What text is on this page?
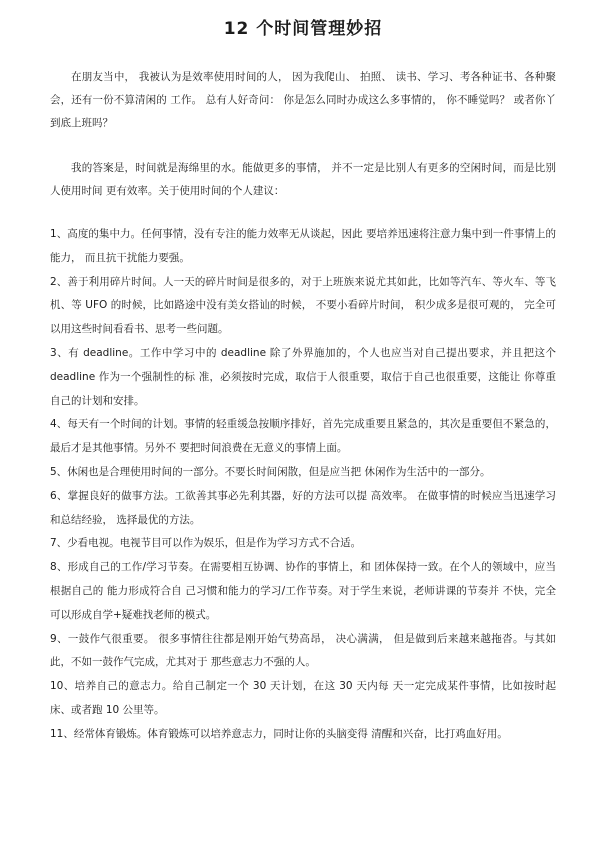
12 个时间管理妙招

在朋友当中， 我被认为是效率使用时间的人， 因为我爬山、 拍照、 读书、学习、考各种证书、各种聚会，还有一份不算清闲的 工作。 总有人好奇问： 你是怎么同时办成这么多事情的， 你不睡觉吗？ 或者你丫到底上班吗？

我的答案是，时间就是海绵里的水。能做更多的事情， 并不一定是比别人有更多的空闲时间，而是比别人使用时间 更有效率。关于使用时间的个人建议：

1、高度的集中力。任何事情，没有专注的能力效率无从谈起，因此 要培养迅速将注意力集中到一件事情上的能力， 而且抗干扰能力要强。

2、善于利用碎片时间。人一天的碎片时间是很多的，对于上班族来说尤其如此，比如等汽车、等火车、等飞机、等 UFO 的时候，比如路途中没有美女搭讪的时候， 不要小看碎片时间， 积少成多是很可观的， 完全可以用这些时间看看书、思考一些问题。

3、有 deadline。工作中学习中的 deadline 除了外界施加的，个人也应当对自己提出要求，并且把这个 deadline 作为一个强制性的标 准，必须按时完成，取信于人很重要，取信于自己也很重要，这能让 你尊重自己的计划和安排。

4、每天有一个时间的计划。事情的轻重缓急按顺序排好，首先完成重要且紧急的，其次是重要但不紧急的，最后才是其他事情。另外不 要把时间浪费在无意义的事情上面。

5、休闲也是合理使用时间的一部分。不要长时间闲散，但是应当把 休闲作为生活中的一部分。

6、掌握良好的做事方法。工欲善其事必先利其器，好的方法可以提 高效率。 在做事情的时候应当迅速学习和总结经验， 选择最优的方法。

7、少看电视。电视节目可以作为娱乐，但是作为学习方式不合适。

8、形成自己的工作/学习节奏。在需要相互协调、协作的事情上，和 团体保持一致。在个人的领域中，应当根据自己的 能力形成符合自 己习惯和能力的学习/工作节奏。对于学生来说，老师讲课的节奏并 不快，完全可以形成自学+疑难找老师的模式。

9、一鼓作气很重要。 很多事情往往都是刚开始气势高昂， 决心满满， 但是做到后来越来越拖沓。与其如此，不如一鼓作气完成，尤其对于 那些意志力不强的人。

10、培养自己的意志力。给自己制定一个 30 天计划，在这 30 天内每 天一定完成某件事情，比如按时起床、或者跑 10 公里等。

11、经常体育锻炼。体育锻炼可以培养意志力，同时让你的头脑变得 清醒和兴奋，比打鸡血好用。
